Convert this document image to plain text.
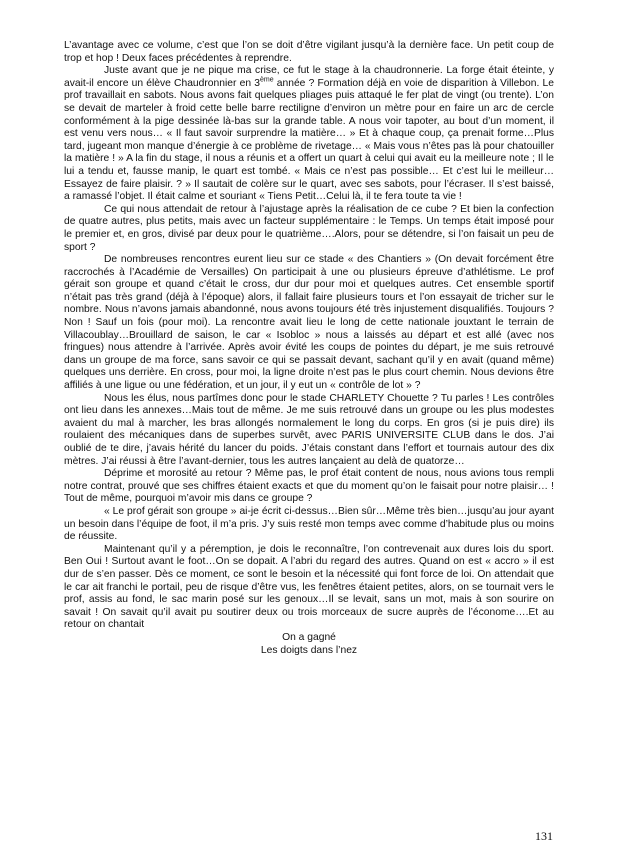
L’avantage avec ce volume, c’est que l’on se doit d’être vigilant jusqu’à la dernière face. Un petit coup de trop et hop ! Deux faces précédentes à reprendre.

Juste avant que je ne pique ma crise, ce fut le stage à la chaudronnerie. La forge était éteinte, y avait-il encore un élève Chaudronnier en 3ème année ? Formation déjà en voie de disparition à Villebon. Le prof travaillait en sabots. Nous avons fait quelques pliages puis attaqué le fer plat de vingt (ou trente). L’on se devait de marteler à froid cette belle barre rectiligne d’environ un mètre pour en faire un arc de cercle conformément à la pige dessinée là-bas sur la grande table. A nous voir tapoter, au bout d’un moment, il est venu vers nous… « Il faut savoir surprendre la matière… » Et à chaque coup, ça prenait forme…Plus tard, jugeant mon manque d’énergie à ce problème de rivetage… « Mais vous n’êtes pas là pour chatouiller la matière ! » A la fin du stage, il nous a réunis et a offert un quart à celui qui avait eu la meilleure note ; Il le lui a tendu et, fausse manip, le quart est tombé. « Mais ce n’est pas possible… Et c’est lui le meilleur…Essayez de faire plaisir. ? » Il sautait de colère sur le quart, avec ses sabots, pour l’écraser. Il s’est baissé, a ramassé l’objet. Il était calme et souriant « Tiens Petit…Celui là, il te fera toute ta vie !

Ce qui nous attendait de retour à l’ajustage après la réalisation de ce cube ? Et bien la confection de quatre autres, plus petits, mais avec un facteur supplémentaire : le Temps. Un temps était imposé pour le premier et, en gros, divisé par deux pour le quatrième….Alors, pour se détendre, si l’on faisait un peu de sport ?

De nombreuses rencontres eurent lieu sur ce stade « des Chantiers » (On devait forcément être raccrochés à l’Académie de Versailles) On participait à une ou plusieurs épreuve d’athlétisme. Le prof gérait son groupe et quand c’était le cross, dur dur pour moi et quelques autres. Cet ensemble sportif n’était pas très grand (déjà à l’époque) alors, il fallait faire plusieurs tours et l’on essayait de tricher sur le nombre. Nous n’avons jamais abandonné, nous avons toujours été très injustement disqualifiés. Toujours ? Non ! Sauf un fois (pour moi). La rencontre avait lieu le long de cette nationale jouxtant le terrain de Villacoublay…Brouillard de saison, le car « Isobloc » nous a laissés au départ et est allé (avec nos fringues) nous attendre à l’arrivée. Après avoir évité les coups de pointes du départ, je me suis retrouvé dans un groupe de ma force, sans savoir ce qui se passait devant, sachant qu’il y en avait (quand même) quelques uns derrière. En cross, pour moi, la ligne droite n’est pas le plus court chemin. Nous devions être affiliés à une ligue ou une fédération, et un jour, il y eut un « contrôle de lot » ?

Nous les élus, nous partîmes donc pour le stade CHARLETY Chouette ? Tu parles ! Les contrôles ont lieu dans les annexes…Mais tout de même. Je me suis retrouvé dans un groupe ou les plus modestes avaient du mal à marcher, les bras allongés normalement le long du corps. En gros (si je puis dire) ils roulaient des mécaniques dans de superbes survêt, avec PARIS UNIVERSITE CLUB dans le dos. J’ai oublié de te dire, j’avais hérité du lancer du poids. J’étais constant dans l’effort et tournais autour des dix mètres. J’ai réussi à être l’avant-dernier, tous les autres lançaient au delà de quatorze…

Déprime et morosité au retour ? Même pas, le prof était content de nous, nous avions tous rempli notre contrat, prouvé que ses chiffres étaient exacts et que du moment qu’on le faisait pour notre plaisir… ! Tout de même, pourquoi m’avoir mis dans ce groupe ?

« Le prof gérait son groupe » ai-je écrit ci-dessus…Bien sûr…Même très bien…jusqu’au jour ayant un besoin dans l’équipe de foot, il m’a pris. J’y suis resté mon temps avec comme d’habitude plus ou moins de réussite.

Maintenant qu’il y a péremption, je dois le reconnaître, l’on contrevenait aux dures lois du sport. Ben Oui ! Surtout avant le foot…On se dopait. A l’abri du regard des autres. Quand on est « accro » il est dur de s’en passer. Dès ce moment, ce sont le besoin et la nécessité qui font force de loi. On attendait que le car ait franchi le portail, peu de risque d’être vus, les fenêtres étaient petites, alors, on se tournait vers le prof, assis au fond, le sac marin posé sur les genoux…Il se levait, sans un mot, mais à son sourire on savait ! On savait qu’il avait pu soutirer deux ou trois morceaux de sucre auprès de l’économe….Et au retour on chantait

On a gagné

Les doigts dans l’nez

131
